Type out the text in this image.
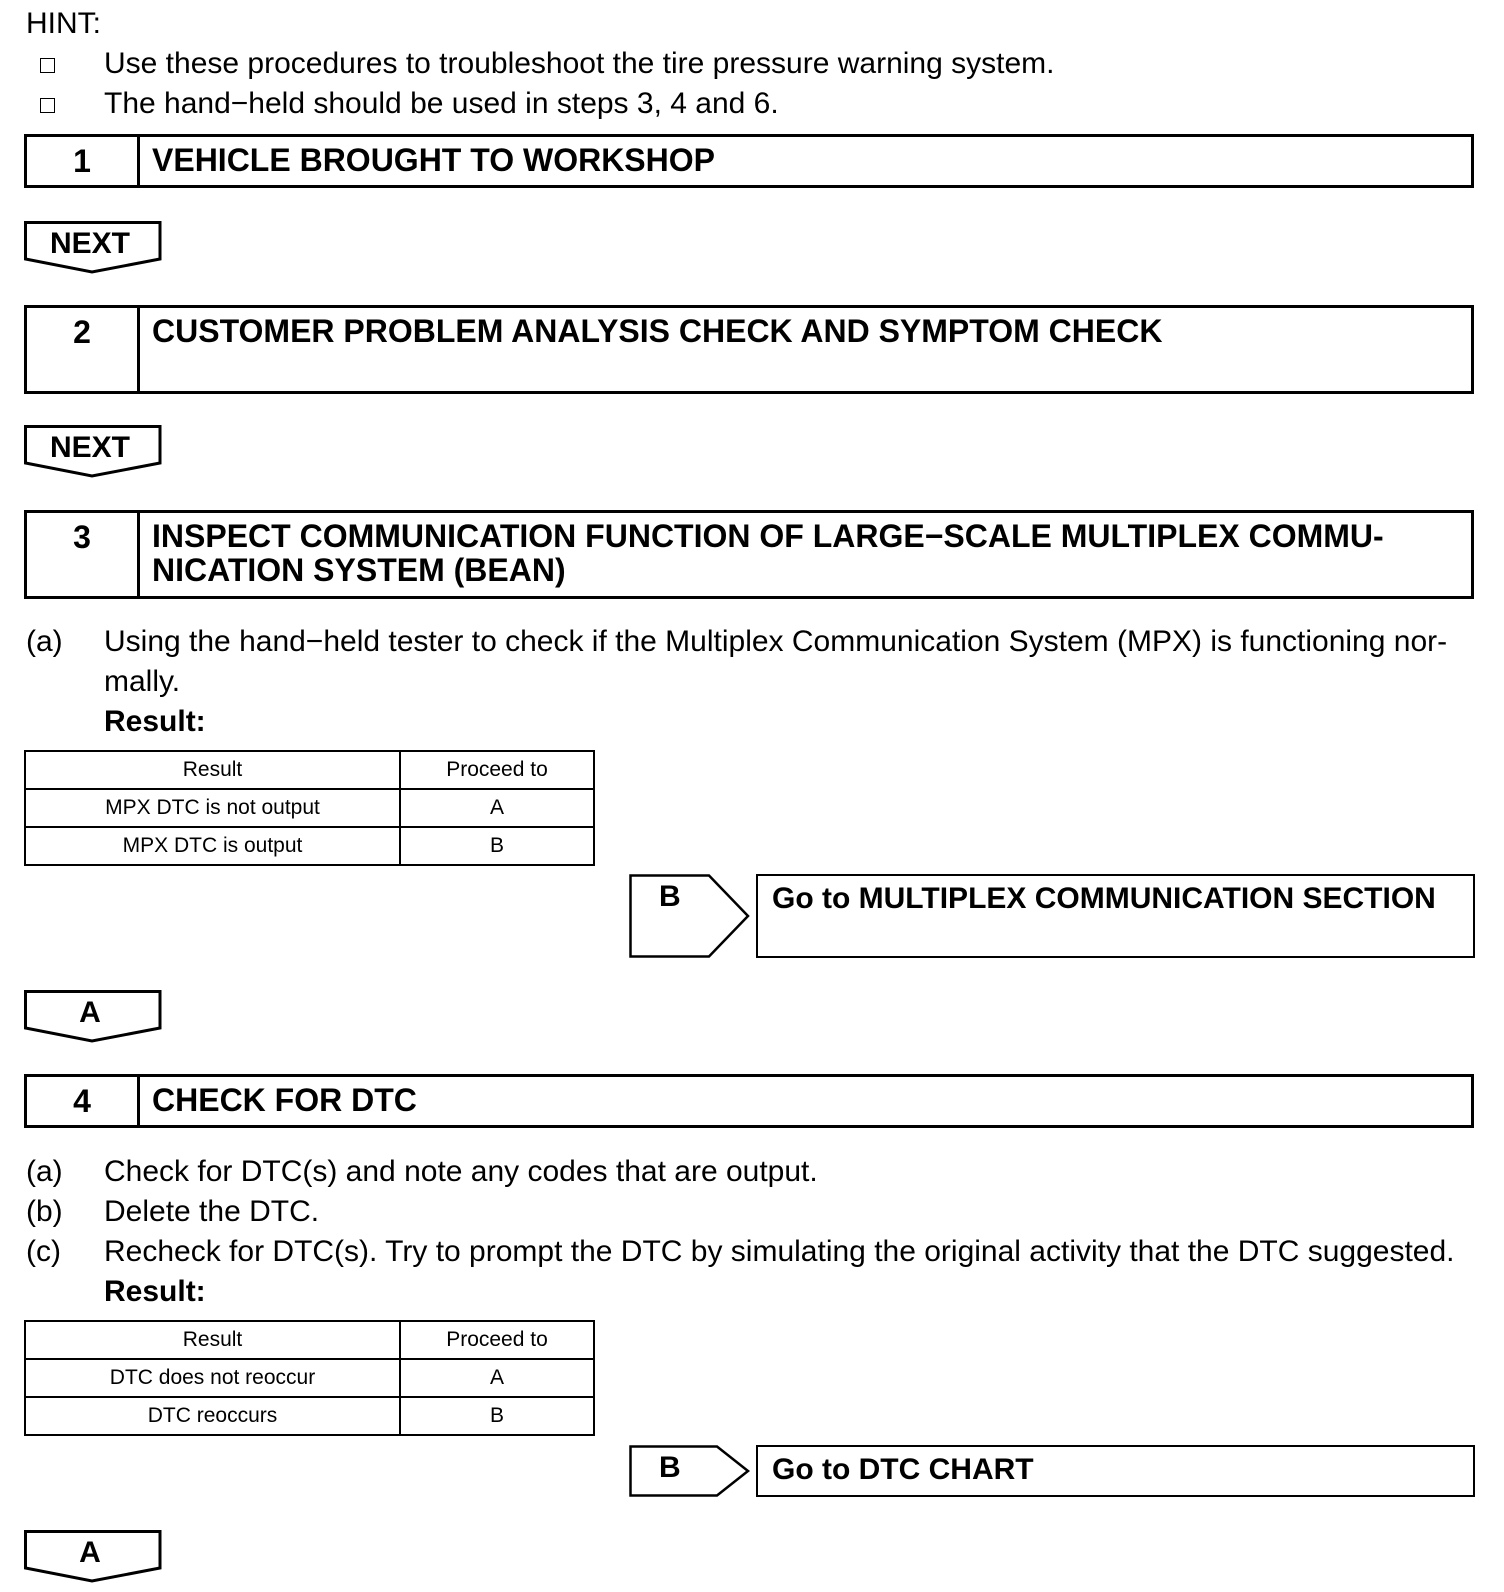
HINT:
Use these procedures to troubleshoot the tire pressure warning system.
The hand−held should be used in steps 3, 4 and 6.
1	VEHICLE BROUGHT TO WORKSHOP
NEXT
2	CUSTOMER PROBLEM ANALYSIS CHECK AND SYMPTOM CHECK
NEXT
3	INSPECT COMMUNICATION FUNCTION OF LARGE−SCALE MULTIPLEX COMMU-
NICATION SYSTEM (BEAN)
(a) Using the hand−held tester to check if the Multiplex Communication System (MPX) is functioning nor-
mally.
Result:
Result	Proceed to
MPX DTC is not output	A
MPX DTC is output	B
B	Go to MULTIPLEX COMMUNICATION SECTION
A
4	CHECK FOR DTC
(a) Check for DTC(s) and note any codes that are output.
(b) Delete the DTC.
(c) Recheck for DTC(s). Try to prompt the DTC by simulating the original activity that the DTC suggested.
Result:
Result	Proceed to
DTC does not reoccur	A
DTC reoccurs	B
B	Go to DTC CHART
A
